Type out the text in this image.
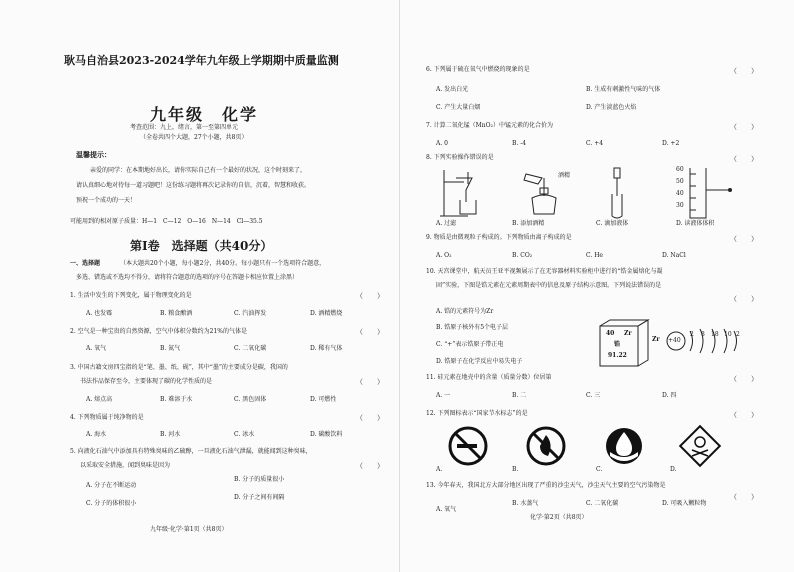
耿马自治县2023-2024学年九年级上学期期中质量监测
九年级　化学
考查范围：九上，绪言，第一至第四单元
（全卷共四个大题，27个小题，共8页）
温馨提示：
亲爱的同学：在本期地好出长，请你实际自己有一个最好的状况，这个时刻来了，
请认真细心地对待每一道习题吧！这份练习题将再次记录你的自信，沉着，智慧和收获。
预祝一个成功的一天！
可能用到的相对原子质量：H—1　C—12　O—16　N—14　Cl—35.5
第Ⅰ卷　选择题（共40分）
一、选择题	（本大题共20个小题，每小题2分，共40分。每小题只有一个选项符合题意，
多选、错选或不选均不得分，请将符合题意的选项的序号在答题卡相应位置上涂黑）
1. 生活中发生的下列变化，属于物理变化的是	（　　）
A. 也发霉	B. 粮食酿酒	C. 汽油挥发	D. 酒精燃烧
2. 空气是一种宝贵的自然资源，空气中体积分数约为21%的气体是	（　　）
A. 氧气	B. 氮气	C. 二氧化碳	D. 稀有气体
3. 中国古籍文房四宝指的是“笔、墨、纸、砚”，其中“墨”的主要成分是碳，我国的
书法作品保存至今，主要体现了碳的化学性质的是	（　　）
A. 熔点高	B. 难溶于水	C. 黑色固体	D. 可燃性
4. 下列物质属于纯净物的是	（　　）
A. 海水	B. 河水	C. 冰水	D. 碳酸饮料
5. 向液化石油气中添加具有特殊臭味的乙硫醇，一旦液化石油气泄漏，就能闻到这种臭味，
以采取安全措施，闻到臭味是因为	（　　）
A. 分子在不断运动
B. 分子的质量很小
C. 分子的体积很小
D. 分子之间有间隔
九年级·化学·第1页（共8页）
6. 下列属于硫在氧气中燃烧的现象的是	（　　）
A. 发出白光	B. 生成有刺激性气味的气体
C. 产生大量白烟	D. 产生淡蓝色火焰
7. 计算二氧化锰（MnO₂）中锰元素的化合价为	（　　）
A. 0	B. -4	C. +4	D. +2
8. 下列实验操作错误的是	（　　）
酒精
60
50
40
30
A. 过滤	B. 添加酒精	C. 滴加液体	D. 读液体体积
9. 物质是由微观粒子构成的。下列物质由离子构成的是	（　　）
A. O₂	B. CO₂	C. He	D. NaCl
10. 天宫课堂中，航天员王亚平视频展示了在无容器材料实验柜中进行的“锆金属熔化与凝
固”实验，下图是锆元素在元素周期表中的信息及原子结构示意图。下列说法错误的是
（　　）
A. 锆的元素符号为Zr
B. 锆原子核外有5个电子层
C. “+”表示锆原子带正电
D. 锆原子在化学反应中易失电子
40 Zr
锆
91.22
Zr +40
2 8 18 10 2
11. 硅元素在地壳中的含量（质量分数）位居第	（　　）
A. 一	B. 二	C. 三	D. 四
12. 下列图标表示“国家节水标志”的是	（　　）
A.	B.	C.	D.
13. 今年春天，我国北方大部分地区出现了严重的沙尘天气，沙尘天气主要的空气污染物是
（　　）
A. 氧气
B. 水蒸气	C. 二氧化碳	D. 可吸入颗粒物
化学·第2页（共8页）
